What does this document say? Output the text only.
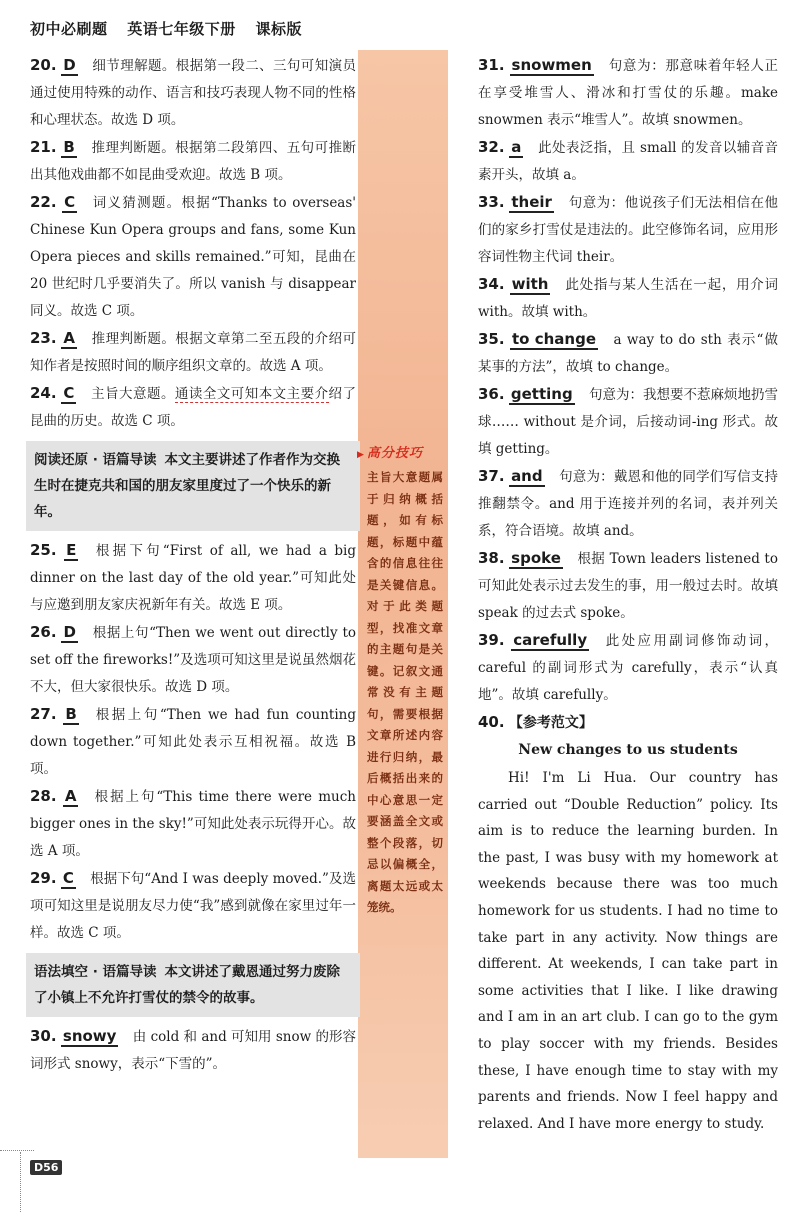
初中必刷题 英语七年级下册 课标版
20. D 细节理解题。根据第一段二、三句可知演员通过使用特殊的动作、语言和技巧表现人物不同的性格和心理状态。故选 D 项。
21. B 推理判断题。根据第二段第四、五句可推断出其他戏曲都不如昆曲受欢迎。故选 B 项。
22. C 词义猜测题。根据“Thanks to overseas' Chinese Kun Opera groups and fans, some Kun Opera pieces and skills remained.”可知，昆曲在 20 世纪时几乎要消失了。所以 vanish 与 disappear 同义。故选 C 项。
23. A 推理判断题。根据文章第二至五段的介绍可知作者是按照时间的顺序组织文章的。故选 A 项。
24. C 主旨大意题。通读全文可知本文主要介绍了昆曲的历史。故选 C 项。
阅读还原 · 语篇导读 本文主要讲述了作者作为交换生时在捷克共和国的朋友家里度过了一个快乐的新年。
25. E 根据下句“First of all, we had a big dinner on the last day of the old year.”可知此处与应邀到朋友家庆祝新年有关。故选 E 项。
26. D 根据上句“Then we went out directly to set off the fireworks!”及选项可知这里是说虽然烟花不大，但大家很快乐。故选 D 项。
27. B 根据上句“Then we had fun counting down together.”可知此处表示互相祝福。故选 B 项。
28. A 根据上句“This time there were much bigger ones in the sky!”可知此处表示玩得开心。故选 A 项。
29. C 根据下句“And I was deeply moved.”及选项可知这里是说朋友尽力使“我”感到就像在家里过年一样。故选 C 项。
语法填空 · 语篇导读 本文讲述了戴恩通过努力废除了小镇上不允许打雪仗的禁令的故事。
30. snowy 由 cold 和 and 可知用 snow 的形容词形式 snowy，表示“下雪的”。
▶ 高分技巧
主旨大意题属于归纳概括题，如有标题，标题中蕴含的信息往往是关键信息。对于此类题型，找准文章的主题句是关键。记叙文通常没有主题句，需要根据文章所述内容进行归纳，最后概括出来的中心意思一定要涵盖全文或整个段落，切忌以偏概全，离题太远或太笼统。
31. snowmen 句意为：那意味着年轻人正在享受堆雪人、滑冰和打雪仗的乐趣。make snowmen 表示“堆雪人”。故填 snowmen。
32. a 此处表泛指，且 small 的发音以辅音音素开头，故填 a。
33. their 句意为：他说孩子们无法相信在他们的家乡打雪仗是违法的。此空修饰名词，应用形容词性物主代词 their。
34. with 此处指与某人生活在一起，用介词 with。故填 with。
35. to change a way to do sth 表示“做某事的方法”，故填 to change。
36. getting 句意为：我想要不惹麻烦地扔雪球…… without 是介词，后接动词-ing 形式。故填 getting。
37. and 句意为：戴恩和他的同学们写信支持推翻禁令。and 用于连接并列的名词，表并列关系，符合语境。故填 and。
38. spoke 根据 Town leaders listened to 可知此处表示过去发生的事，用一般过去时。故填 speak 的过去式 spoke。
39. carefully 此处应用副词修饰动词，careful 的副词形式为 carefully，表示“认真地”。故填 carefully。
40. 【参考范文】
New changes to us students
Hi! I'm Li Hua. Our country has carried out “Double Reduction” policy. Its aim is to reduce the learning burden. In the past, I was busy with my homework at weekends because there was too much homework for us students. I had no time to take part in any activity. Now things are different. At weekends, I can take part in some activities that I like. I like drawing and I am in an art club. I can go to the gym to play soccer with my friends. Besides these, I have enough time to stay with my parents and friends. Now I feel happy and relaxed. And I have more energy to study.
D56
